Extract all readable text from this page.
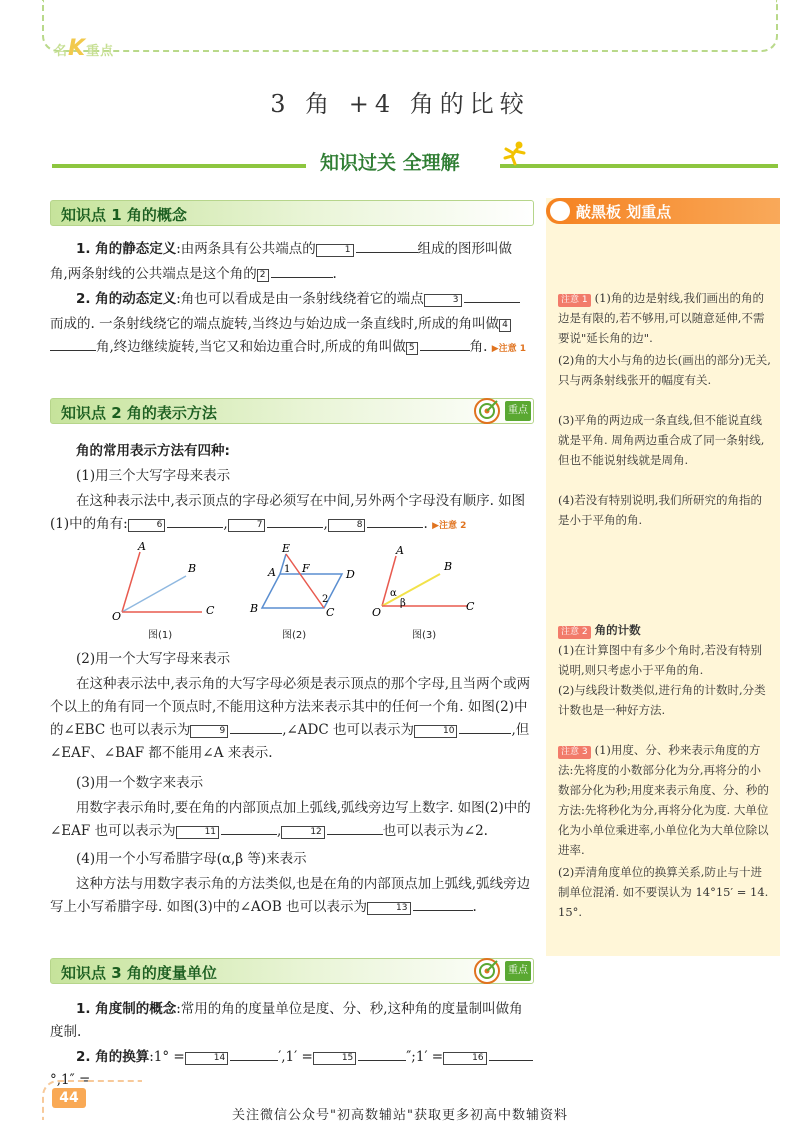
名K重点
3 角 +4 角的比较
知识过关 全理解
知识点 1 角的概念
1. 角的静态定义:由两条具有公共端点的	1	组成的图形叫做
角,两条射线的公共端点是这个角的 2	.
2. 角的动态定义:角也可以看成是由一条射线绕着它的端点	3
而成的. 一条射线绕它的端点旋转,当终边与始边成一条直线时,所成的角叫做 4角,终边继续旋转,当它又和始边重合时,所成的角叫做 5	角. ▶注意 1
知识点 2 角的表示方法	重点
角的常用表示方法有四种:
(1)用三个大写字母来表示
在这种表示法中,表示顶点的字母必须写在中间,另外两个字母没有顺序. 如图(1)中的角有:	6	,	7	,	8	. ▶注意 2
A
B
O	C
E
A 1 F	D
2
B	C
A
B
α
β
O	C
图(1)	图(2)	图(3)
(2)用一个大写字母来表示
在这种表示法中,表示角的大写字母必须是表示顶点的那个字母,且当两个或两个以上的角有同一个顶点时,不能用这种方法来表示其中的任何一个角. 如图(2)中的∠EBC 也可以表示为	9	,∠ADC 也可以表示为	10	,但∠EAF、∠BAF 都不能用∠A 来表示.
(3)用一个数字来表示
用数字表示角时,要在角的内部顶点加上弧线,弧线旁边写上数字. 如图(2)中的∠EAF 也可以表示为	11	,	12	也可以表示为∠2.
(4)用一个小写希腊字母(α,β 等)来表示
这种方法与用数字表示角的方法类似,也是在角的内部顶点加上弧线,弧线旁边写上小写希腊字母. 如图(3)中的∠AOB 也可以表示为	13	.
知识点 3 角的度量单位	重点
1. 角度制的概念:常用的角的度量单位是度、分、秒,这种角的度量制叫做角度制.
2. 角的换算:1° =	14	′,1′ =	15	″;1′ =	16°,1″ =
敲黑板 划重点
注意 1 (1)角的边是射线,我们画出的角的边是有限的,若不够用,可以随意延伸,不需要说"延长角的边".
(2)角的大小与角的边长(画出的部分)无关,只与两条射线张开的幅度有关.
(3)平角的两边成一条直线,但不能说直线就是平角. 周角两边重合成了同一条射线,但也不能说射线就是周角.
(4)若没有特别说明,我们所研究的角指的是小于平角的角.
注意 2 角的计数
(1)在计算图中有多少个角时,若没有特别说明,则只考虑小于平角的角.
(2)与线段计数类似,进行角的计数时,分类计数也是一种好方法.
注意 3 (1)用度、分、秒来表示角度的方法:先将度的小数部分化为分,再将分的小数部分化为秒;用度来表示角度、分、秒的方法:先将秒化为分,再将分化为度. 大单位化为小单位乘进率,小单位化为大单位除以进率.
(2)弄清角度单位的换算关系,防止与十进制单位混淆. 如不要误认为 14°15′ = 14. 15°.
44
关注微信公众号"初高数辅站"获取更多初高中数辅资料
